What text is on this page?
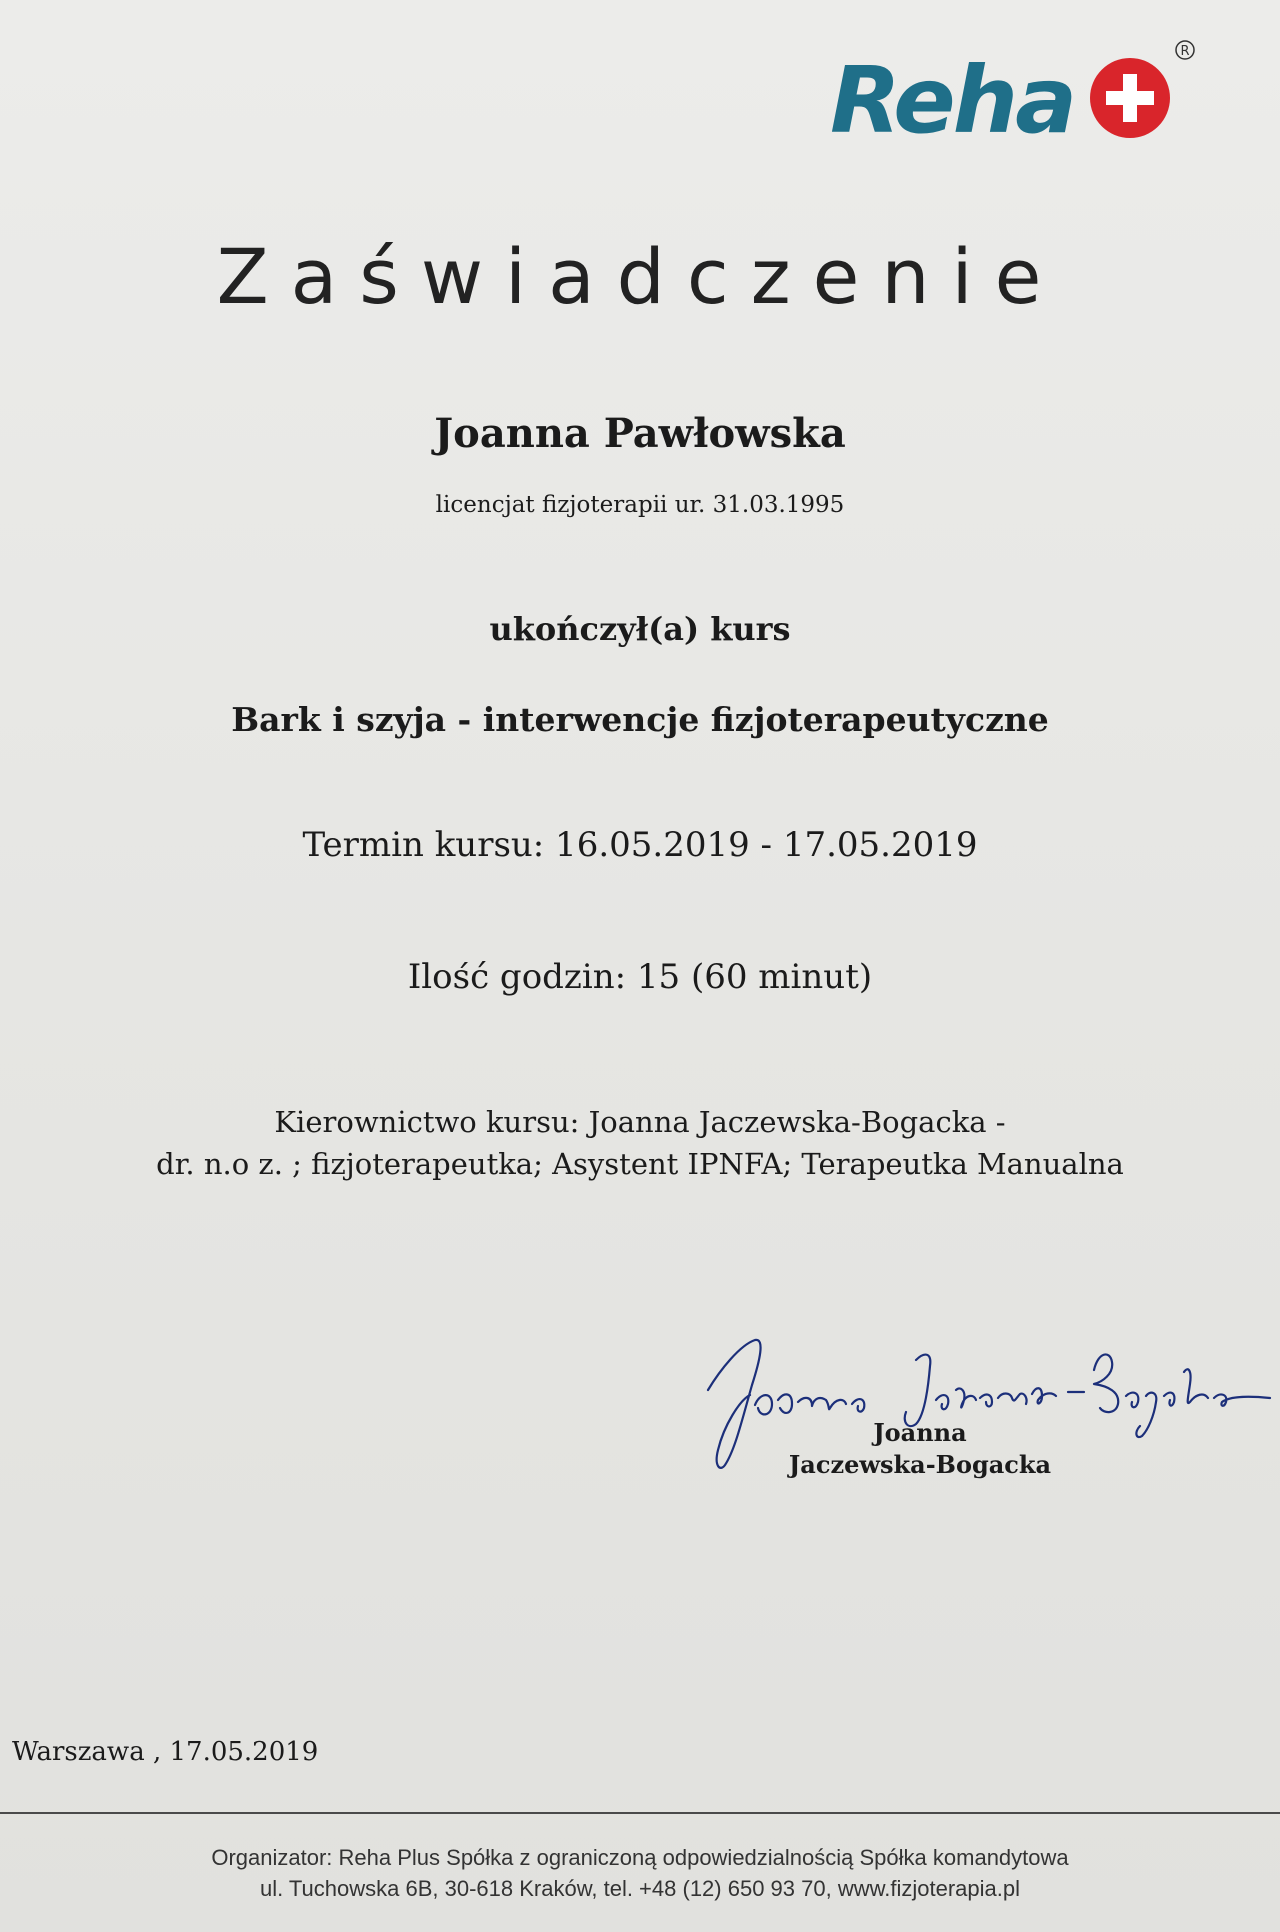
Reha	R
Zaświadczenie
Joanna Pawłowska
licencjat fizjoterapii ur. 31.03.1995
ukończył(a) kurs
Bark i szyja - interwencje fizjoterapeutyczne
Termin kursu: 16.05.2019 - 17.05.2019
Ilość godzin: 15 (60 minut)
Kierownictwo kursu: Joanna Jaczewska-Bogacka -
dr. n.o z. ; fizjoterapeutka; Asystent IPNFA; Terapeutka Manualna
Joanna
Jaczewska-Bogacka
Warszawa , 17.05.2019
Organizator: Reha Plus Spółka z ograniczoną odpowiedzialnością Spółka komandytowa
ul. Tuchowska 6B, 30-618 Kraków, tel. +48 (12) 650 93 70, www.fizjoterapia.pl
